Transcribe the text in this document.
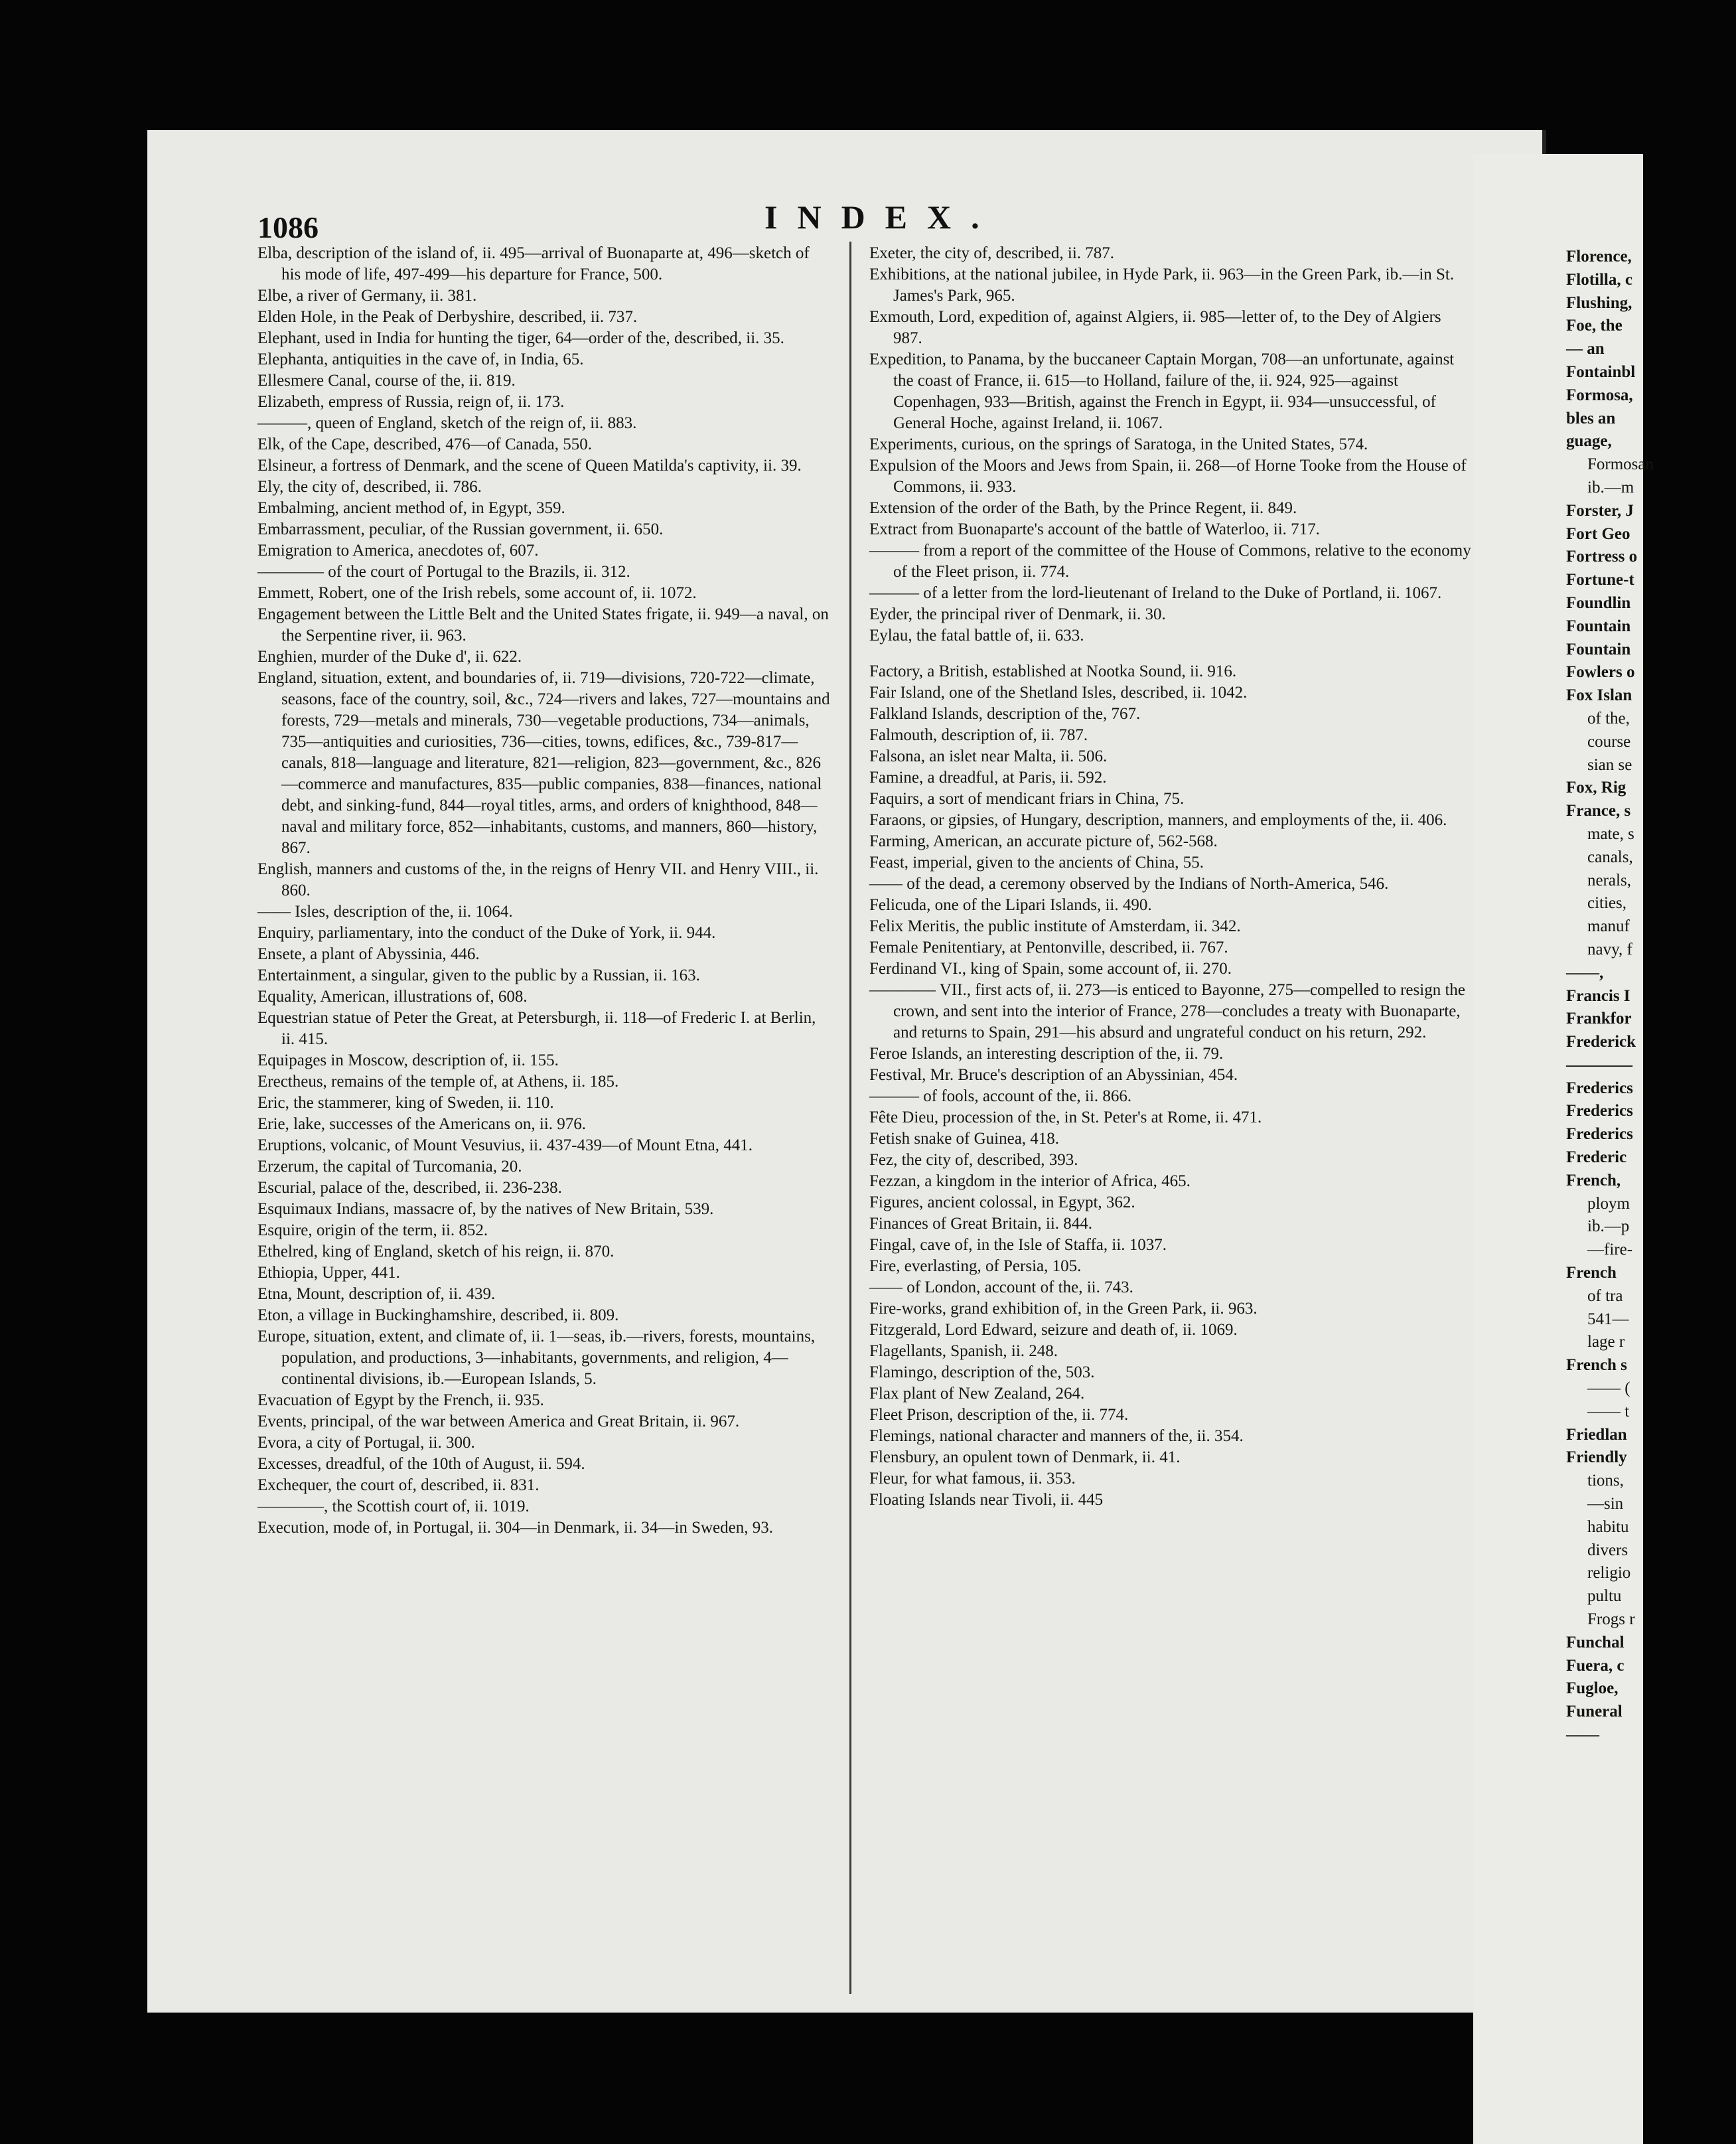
1086	INDEX.

Elba, description of the island of, ii. 495—arrival of Buonaparte at, 496—sketch of his mode of life, 497-499—his departure for France, 500.

Elbe, a river of Germany, ii. 381.

Elden Hole, in the Peak of Derbyshire, described, ii. 737.

Elephant, used in India for hunting the tiger, 64—order of the, described, ii. 35.

Elephanta, antiquities in the cave of, in India, 65.

Ellesmere Canal, course of the, ii. 819.

Elizabeth, empress of Russia, reign of, ii. 173.

———, queen of England, sketch of the reign of, ii. 883.

Elk, of the Cape, described, 476—of Canada, 550.

Elsineur, a fortress of Denmark, and the scene of Queen Matilda's captivity, ii. 39.

Ely, the city of, described, ii. 786.

Embalming, ancient method of, in Egypt, 359.

Embarrassment, peculiar, of the Russian government, ii. 650.

Emigration to America, anecdotes of, 607.

———— of the court of Portugal to the Brazils, ii. 312.

Emmett, Robert, one of the Irish rebels, some account of, ii. 1072.

Engagement between the Little Belt and the United States frigate, ii. 949—a naval, on the Serpentine river, ii. 963.

Enghien, murder of the Duke d', ii. 622.

England, situation, extent, and boundaries of, ii. 719—divisions, 720-722—climate, seasons, face of the country, soil, &c., 724—rivers and lakes, 727—mountains and forests, 729—metals and minerals, 730—vegetable productions, 734—animals, 735—antiquities and curiosities, 736—cities, towns, edifices, &c., 739-817—canals, 818—language and literature, 821—religion, 823—government, &c., 826—commerce and manufactures, 835—public companies, 838—finances, national debt, and sinking-fund, 844—royal titles, arms, and orders of knighthood, 848—naval and military force, 852—inhabitants, customs, and manners, 860—history, 867.

English, manners and customs of the, in the reigns of Henry VII. and Henry VIII., ii. 860.

—— Isles, description of the, ii. 1064.

Enquiry, parliamentary, into the conduct of the Duke of York, ii. 944.

Ensete, a plant of Abyssinia, 446.

Entertainment, a singular, given to the public by a Russian, ii. 163.

Equality, American, illustrations of, 608.

Equestrian statue of Peter the Great, at Petersburgh, ii. 118—of Frederic I. at Berlin, ii. 415.

Equipages in Moscow, description of, ii. 155.

Erectheus, remains of the temple of, at Athens, ii. 185.

Eric, the stammerer, king of Sweden, ii. 110.

Erie, lake, successes of the Americans on, ii. 976.

Eruptions, volcanic, of Mount Vesuvius, ii. 437-439—of Mount Etna, 441.

Erzerum, the capital of Turcomania, 20.

Escurial, palace of the, described, ii. 236-238.

Esquimaux Indians, massacre of, by the natives of New Britain, 539.

Esquire, origin of the term, ii. 852.

Ethelred, king of England, sketch of his reign, ii. 870.

Ethiopia, Upper, 441.

Etna, Mount, description of, ii. 439.

Eton, a village in Buckinghamshire, described, ii. 809.

Europe, situation, extent, and climate of, ii. 1—seas, ib.—rivers, forests, mountains, population, and productions, 3—inhabitants, governments, and religion, 4—continental divisions, ib.—European Islands, 5.

Evacuation of Egypt by the French, ii. 935.

Events, principal, of the war between America and Great Britain, ii. 967.

Evora, a city of Portugal, ii. 300.

Excesses, dreadful, of the 10th of August, ii. 594.

Exchequer, the court of, described, ii. 831.

————, the Scottish court of, ii. 1019.

Execution, mode of, in Portugal, ii. 304—in Denmark, ii. 34—in Sweden, 93.

Exeter, the city of, described, ii. 787.

Exhibitions, at the national jubilee, in Hyde Park, ii. 963—in the Green Park, ib.—in St. James's Park, 965.

Exmouth, Lord, expedition of, against Algiers, ii. 985—letter of, to the Dey of Algiers 987.

Expedition, to Panama, by the buccaneer Captain Morgan, 708—an unfortunate, against the coast of France, ii. 615—to Holland, failure of the, ii. 924, 925—against Copenhagen, 933—British, against the French in Egypt, ii. 934—unsuccessful, of General Hoche, against Ireland, ii. 1067.

Experiments, curious, on the springs of Saratoga, in the United States, 574.

Expulsion of the Moors and Jews from Spain, ii. 268—of Horne Tooke from the House of Commons, ii. 933.

Extension of the order of the Bath, by the Prince Regent, ii. 849.

Extract from Buonaparte's account of the battle of Waterloo, ii. 717.

——— from a report of the committee of the House of Commons, relative to the economy of the Fleet prison, ii. 774.

——— of a letter from the lord-lieutenant of Ireland to the Duke of Portland, ii. 1067.

Eyder, the principal river of Denmark, ii. 30.

Eylau, the fatal battle of, ii. 633.

Factory, a British, established at Nootka Sound, ii. 916.

Fair Island, one of the Shetland Isles, described, ii. 1042.

Falkland Islands, description of the, 767.

Falmouth, description of, ii. 787.

Falsona, an islet near Malta, ii. 506.

Famine, a dreadful, at Paris, ii. 592.

Faquirs, a sort of mendicant friars in China, 75.

Faraons, or gipsies, of Hungary, description, manners, and employments of the, ii. 406.

Farming, American, an accurate picture of, 562-568.

Feast, imperial, given to the ancients of China, 55.

—— of the dead, a ceremony observed by the Indians of North-America, 546.

Felicuda, one of the Lipari Islands, ii. 490.

Felix Meritis, the public institute of Amsterdam, ii. 342.

Female Penitentiary, at Pentonville, described, ii. 767.

Ferdinand VI., king of Spain, some account of, ii. 270.

———— VII., first acts of, ii. 273—is enticed to Bayonne, 275—compelled to resign the crown, and sent into the interior of France, 278—concludes a treaty with Buonaparte, and returns to Spain, 291—his absurd and ungrateful conduct on his return, 292.

Feroe Islands, an interesting description of the, ii. 79.

Festival, Mr. Bruce's description of an Abyssinian, 454.

——— of fools, account of the, ii. 866.

Fête Dieu, procession of the, in St. Peter's at Rome, ii. 471.

Fetish snake of Guinea, 418.

Fez, the city of, described, 393.

Fezzan, a kingdom in the interior of Africa, 465.

Figures, ancient colossal, in Egypt, 362.

Finances of Great Britain, ii. 844.

Fingal, cave of, in the Isle of Staffa, ii. 1037.

Fire, everlasting, of Persia, 105.

—— of London, account of the, ii. 743.

Fire-works, grand exhibition of, in the Green Park, ii. 963.

Fitzgerald, Lord Edward, seizure and death of, ii. 1069.

Flagellants, Spanish, ii. 248.

Flamingo, description of the, 503.

Flax plant of New Zealand, 264.

Fleet Prison, description of the, ii. 774.

Flemings, national character and manners of the, ii. 354.

Flensbury, an opulent town of Denmark, ii. 41.

Fleur, for what famous, ii. 353.

Floating Islands near Tivoli, ii. 445

Florence,
Flotilla, c
Flushing,
Foe, the
— an
Fontainbl
Formosa,
bles an
guage,
Formosan
ib.—m
Forster, J
Fort Geo
Fortress o
Fortune-t
Foundlin
Fountain
Fountain
Fowlers o
Fox Islan
of the,
course
sian se
Fox, Rig
France, s
mate, s
canals,
nerals,
cities,
manuf
navy, f
——,
Francis I
Frankfor
Frederick
————
Frederics
Frederics
Frederics
Frederic
French,
ploym
ib.—p
—fire-
French
of tra
541—
lage r
French s
—— (
—— t
Friedlan
Friendly
tions,
—sin
habitu
divers
religio
pultu
Frogs r
Funchal
Fuera, c
Fugloe,
Funeral
——
